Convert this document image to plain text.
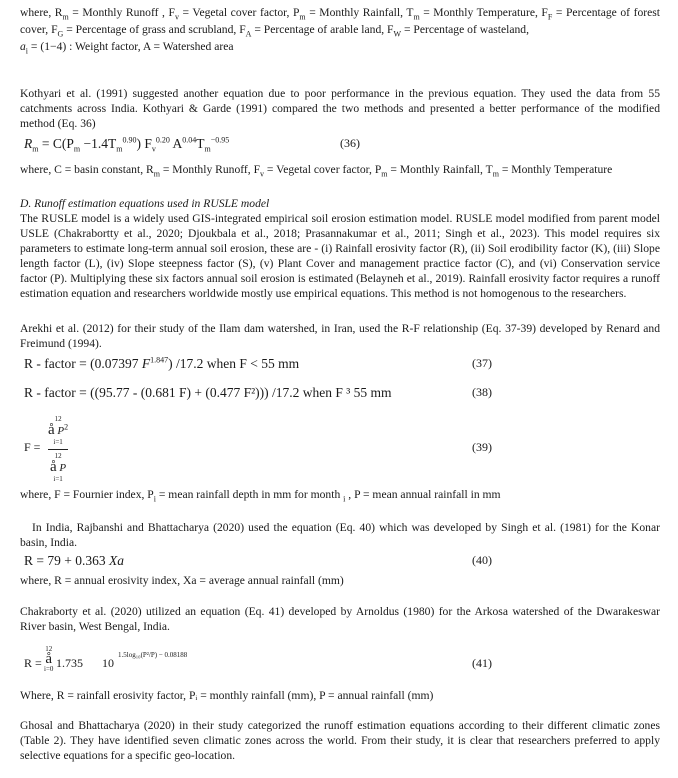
where, $R_m$ = Monthly Runoff , $F_v$ = Vegetal cover factor, $P_m$ = Monthly Rainfall, $T_m$ = Monthly Temperature, $F_F$ = Percentage of forest cover, $F_G$ = Percentage of grass and scrubland, $F_A$ = Percentage of arable land, $F_W$ = Percentage of wasteland,
$a_i = (1-4)$ : Weight factor, A = Watershed area

Kothyari et al. (1991) suggested another equation due to poor performance in the previous equation. They used the data from 55 catchments across India. Kothyari & Garde (1991) compared the two methods and presented a better performance of the modified method (Eq. 36)

$R_m = C(P_m -1.4T_m^{0.90})$ $F_v^{0.20}$ $A^{0.04}T_m^{-0.95}$	(36)

where, C = basin constant, $R_m$ = Monthly Runoff, $F_v$ = Vegetal cover factor, $P_m$ = Monthly Rainfall, $T_m$ = Monthly Temperature

D. Runoff estimation equations used in RUSLE model

The RUSLE model is a widely used GIS-integrated empirical soil erosion estimation model. RUSLE model modified from parent model USLE (Chakrabortty et al., 2020; Djoukbala et al., 2018; Prasannakumar et al., 2011; Singh et al., 2023). This model requires six parameters to estimate long-term annual soil erosion, these are - (i) Rainfall erosivity factor (R), (ii) Soil erodibility factor (K), (iii) Slope length factor (L), (iv) Slope steepness factor (S), (v) Plant Cover and management practice factor (C), and (vi) Conservation service factor (P). Multiplying these six factors annual soil erosion is estimated (Belayneh et al., 2019). Rainfall erosivity factor requires a runoff estimation equation and researchers worldwide mostly use empirical equations. This method is not homogenous to the researchers.

Arekhi et al. (2012) for their study of the Ilam dam watershed, in Iran, used the R-F relationship (Eq. 37-39) developed by Renard and Freimund (1994).

R - factor = (0.07397 $F^{1.847}$) /17.2 when F < 55 mm	(37)
R - factor = ((95.77 - (0.681 F) + (0.477 F²))) /17.2 when F ³ 55 mm	(38)
F =
12
å $P^2$
i=1
12
å P
i=1
(39)

where, F = Fournier index, $P_i$ = mean rainfall depth in mm for month $_i$ , P = mean annual rainfall in mm

In India, Rajbanshi and Bhattacharya (2020) used the equation (Eq. 40) which was developed by Singh et al. (1981) for the Konar basin, India.

R = 79 + 0.363 Xa	(40)

where, R = annual erosivity index, Xa = average annual rainfall (mm)

Chakraborty et al. (2020) utilized an equation (Eq. 41) developed by Arnoldus (1980) for the Arkosa watershed of the Dwarakeswar River basin, West Bengal, India.

R =
12
å
i=0 1.735 10
1.5log₁₀(P²/P) − 0.08188
(41)

Where, R = rainfall erosivity factor, Pᵢ = monthly rainfall (mm), P = annual rainfall (mm)

Ghosal and Bhattacharya (2020) in their study categorized the runoff estimation equations according to their different climatic zones (Table 2). They have identified seven climatic zones across the world. From their study, it is clear that researchers preferred to apply selective equations for a specific geo-location.
